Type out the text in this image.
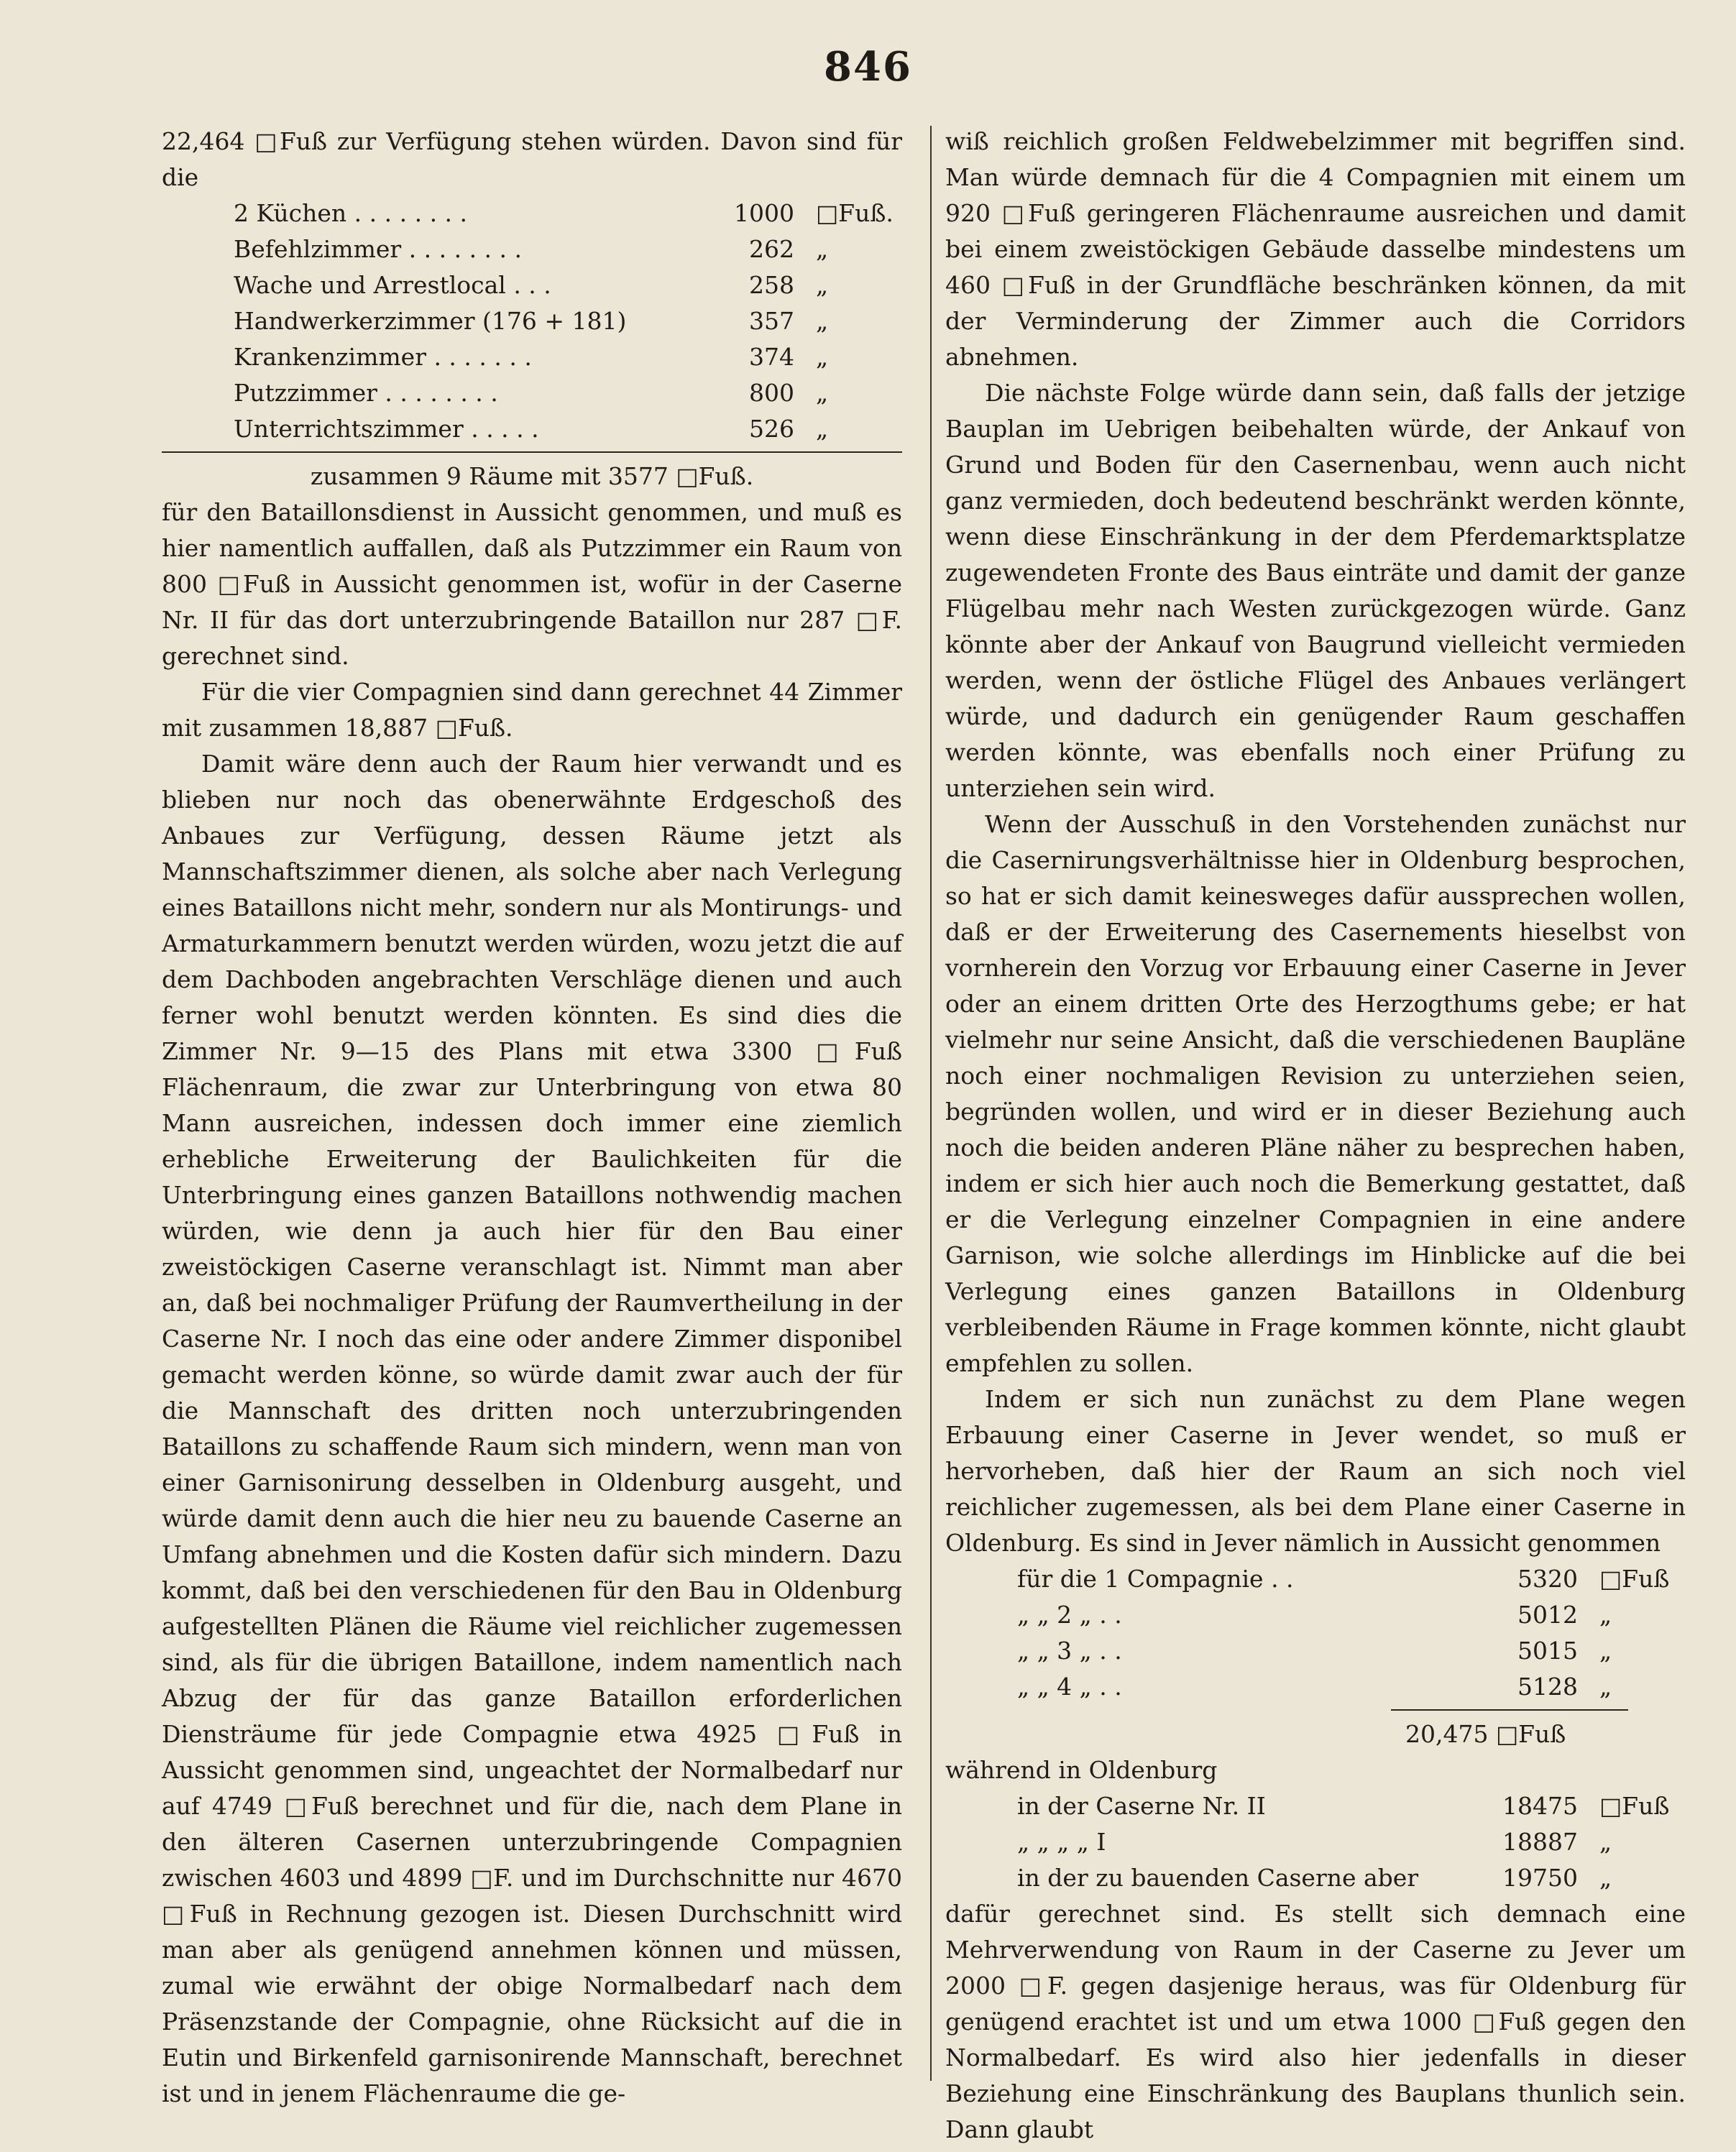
846

22,464 □Fuß zur Verfügung stehen würden. Davon sind für die

2 Küchen . . . . . . . .	1000	□Fuß.
Befehlzimmer . . . . . . . .	262	„
Wache und Arrestlocal . . .	258	„
Handwerkerzimmer (176 + 181)	357	„
Krankenzimmer . . . . . . .	374	„
Putzzimmer . . . . . . . .	800	„
Unterrichtszimmer . . . . .	526	„
zusammen 9 Räume mit 3577 □Fuß.

für den Bataillonsdienst in Aussicht genommen, und muß es hier namentlich auffallen, daß als Putzzimmer ein Raum von 800 □Fuß in Aussicht genommen ist, wofür in der Caserne Nr. II für das dort unterzubringende Bataillon nur 287 □F. gerechnet sind.

Für die vier Compagnien sind dann gerechnet 44 Zimmer mit zusammen 18,887 □Fuß.

Damit wäre denn auch der Raum hier verwandt und es blieben nur noch das obenerwähnte Erdgeschoß des Anbaues zur Verfügung, dessen Räume jetzt als Mannschaftszimmer dienen, als solche aber nach Verlegung eines Bataillons nicht mehr, sondern nur als Montirungs- und Armaturkammern benutzt werden würden, wozu jetzt die auf dem Dachboden angebrachten Verschläge dienen und auch ferner wohl benutzt werden könnten. Es sind dies die Zimmer Nr. 9—15 des Plans mit etwa 3300 □Fuß Flächenraum, die zwar zur Unterbringung von etwa 80 Mann ausreichen, indessen doch immer eine ziemlich erhebliche Erweiterung der Baulichkeiten für die Unterbringung eines ganzen Bataillons nothwendig machen würden, wie denn ja auch hier für den Bau einer zweistöckigen Caserne veranschlagt ist. Nimmt man aber an, daß bei nochmaliger Prüfung der Raumvertheilung in der Caserne Nr. I noch das eine oder andere Zimmer disponibel gemacht werden könne, so würde damit zwar auch der für die Mannschaft des dritten noch unterzubringenden Bataillons zu schaffende Raum sich mindern, wenn man von einer Garnisonirung desselben in Oldenburg ausgeht, und würde damit denn auch die hier neu zu bauende Caserne an Umfang abnehmen und die Kosten dafür sich mindern. Dazu kommt, daß bei den verschiedenen für den Bau in Oldenburg aufgestellten Plänen die Räume viel reichlicher zugemessen sind, als für die übrigen Bataillone, indem namentlich nach Abzug der für das ganze Bataillon erforderlichen Diensträume für jede Compagnie etwa 4925 □Fuß in Aussicht genommen sind, ungeachtet der Normalbedarf nur auf 4749 □Fuß berechnet und für die, nach dem Plane in den älteren Casernen unterzubringende Compagnien zwischen 4603 und 4899 □F. und im Durchschnitte nur 4670 □Fuß in Rechnung gezogen ist. Diesen Durchschnitt wird man aber als genügend annehmen können und müssen, zumal wie erwähnt der obige Normalbedarf nach dem Präsenzstande der Compagnie, ohne Rücksicht auf die in Eutin und Birkenfeld garnisonirende Mannschaft, berechnet ist und in jenem Flächenraume die ge-

wiß reichlich großen Feldwebelzimmer mit begriffen sind. Man würde demnach für die 4 Compagnien mit einem um 920 □Fuß geringeren Flächenraume ausreichen und damit bei einem zweistöckigen Gebäude dasselbe mindestens um 460 □Fuß in der Grundfläche beschränken können, da mit der Verminderung der Zimmer auch die Corridors abnehmen.

Die nächste Folge würde dann sein, daß falls der jetzige Bauplan im Uebrigen beibehalten würde, der Ankauf von Grund und Boden für den Casernenbau, wenn auch nicht ganz vermieden, doch bedeutend beschränkt werden könnte, wenn diese Einschränkung in der dem Pferdemarktsplatze zugewendeten Fronte des Baus einträte und damit der ganze Flügelbau mehr nach Westen zurückgezogen würde. Ganz könnte aber der Ankauf von Baugrund vielleicht vermieden werden, wenn der östliche Flügel des Anbaues verlängert würde, und dadurch ein genügender Raum geschaffen werden könnte, was ebenfalls noch einer Prüfung zu unterziehen sein wird.

Wenn der Ausschuß in den Vorstehenden zunächst nur die Casernirungsverhältnisse hier in Oldenburg besprochen, so hat er sich damit keinesweges dafür aussprechen wollen, daß er der Erweiterung des Casernements hieselbst von vornherein den Vorzug vor Erbauung einer Caserne in Jever oder an einem dritten Orte des Herzogthums gebe; er hat vielmehr nur seine Ansicht, daß die verschiedenen Baupläne noch einer nochmaligen Revision zu unterziehen seien, begründen wollen, und wird er in dieser Beziehung auch noch die beiden anderen Pläne näher zu besprechen haben, indem er sich hier auch noch die Bemerkung gestattet, daß er die Verlegung einzelner Compagnien in eine andere Garnison, wie solche allerdings im Hinblicke auf die bei Verlegung eines ganzen Bataillons in Oldenburg verbleibenden Räume in Frage kommen könnte, nicht glaubt empfehlen zu sollen.

Indem er sich nun zunächst zu dem Plane wegen Erbauung einer Caserne in Jever wendet, so muß er hervorheben, daß hier der Raum an sich noch viel reichlicher zugemessen, als bei dem Plane einer Caserne in Oldenburg. Es sind in Jever nämlich in Aussicht genommen

für die 1 Compagnie . .	5320	□Fuß
„ „ 2 „ . .	5012	„
„ „ 3 „ . .	5015	„
„ „ 4 „ . .	5128	„
20,475 □Fuß
während in Oldenburg
in der Caserne Nr. II	18475	□Fuß
„ „ „ „ I	18887	„
in der zu bauenden Caserne aber	19750	„

dafür gerechnet sind. Es stellt sich demnach eine Mehrverwendung von Raum in der Caserne zu Jever um 2000 □F. gegen dasjenige heraus, was für Oldenburg für genügend erachtet ist und um etwa 1000 □Fuß gegen den Normalbedarf. Es wird also hier jedenfalls in dieser Beziehung eine Einschränkung des Bauplans thunlich sein. Dann glaubt
